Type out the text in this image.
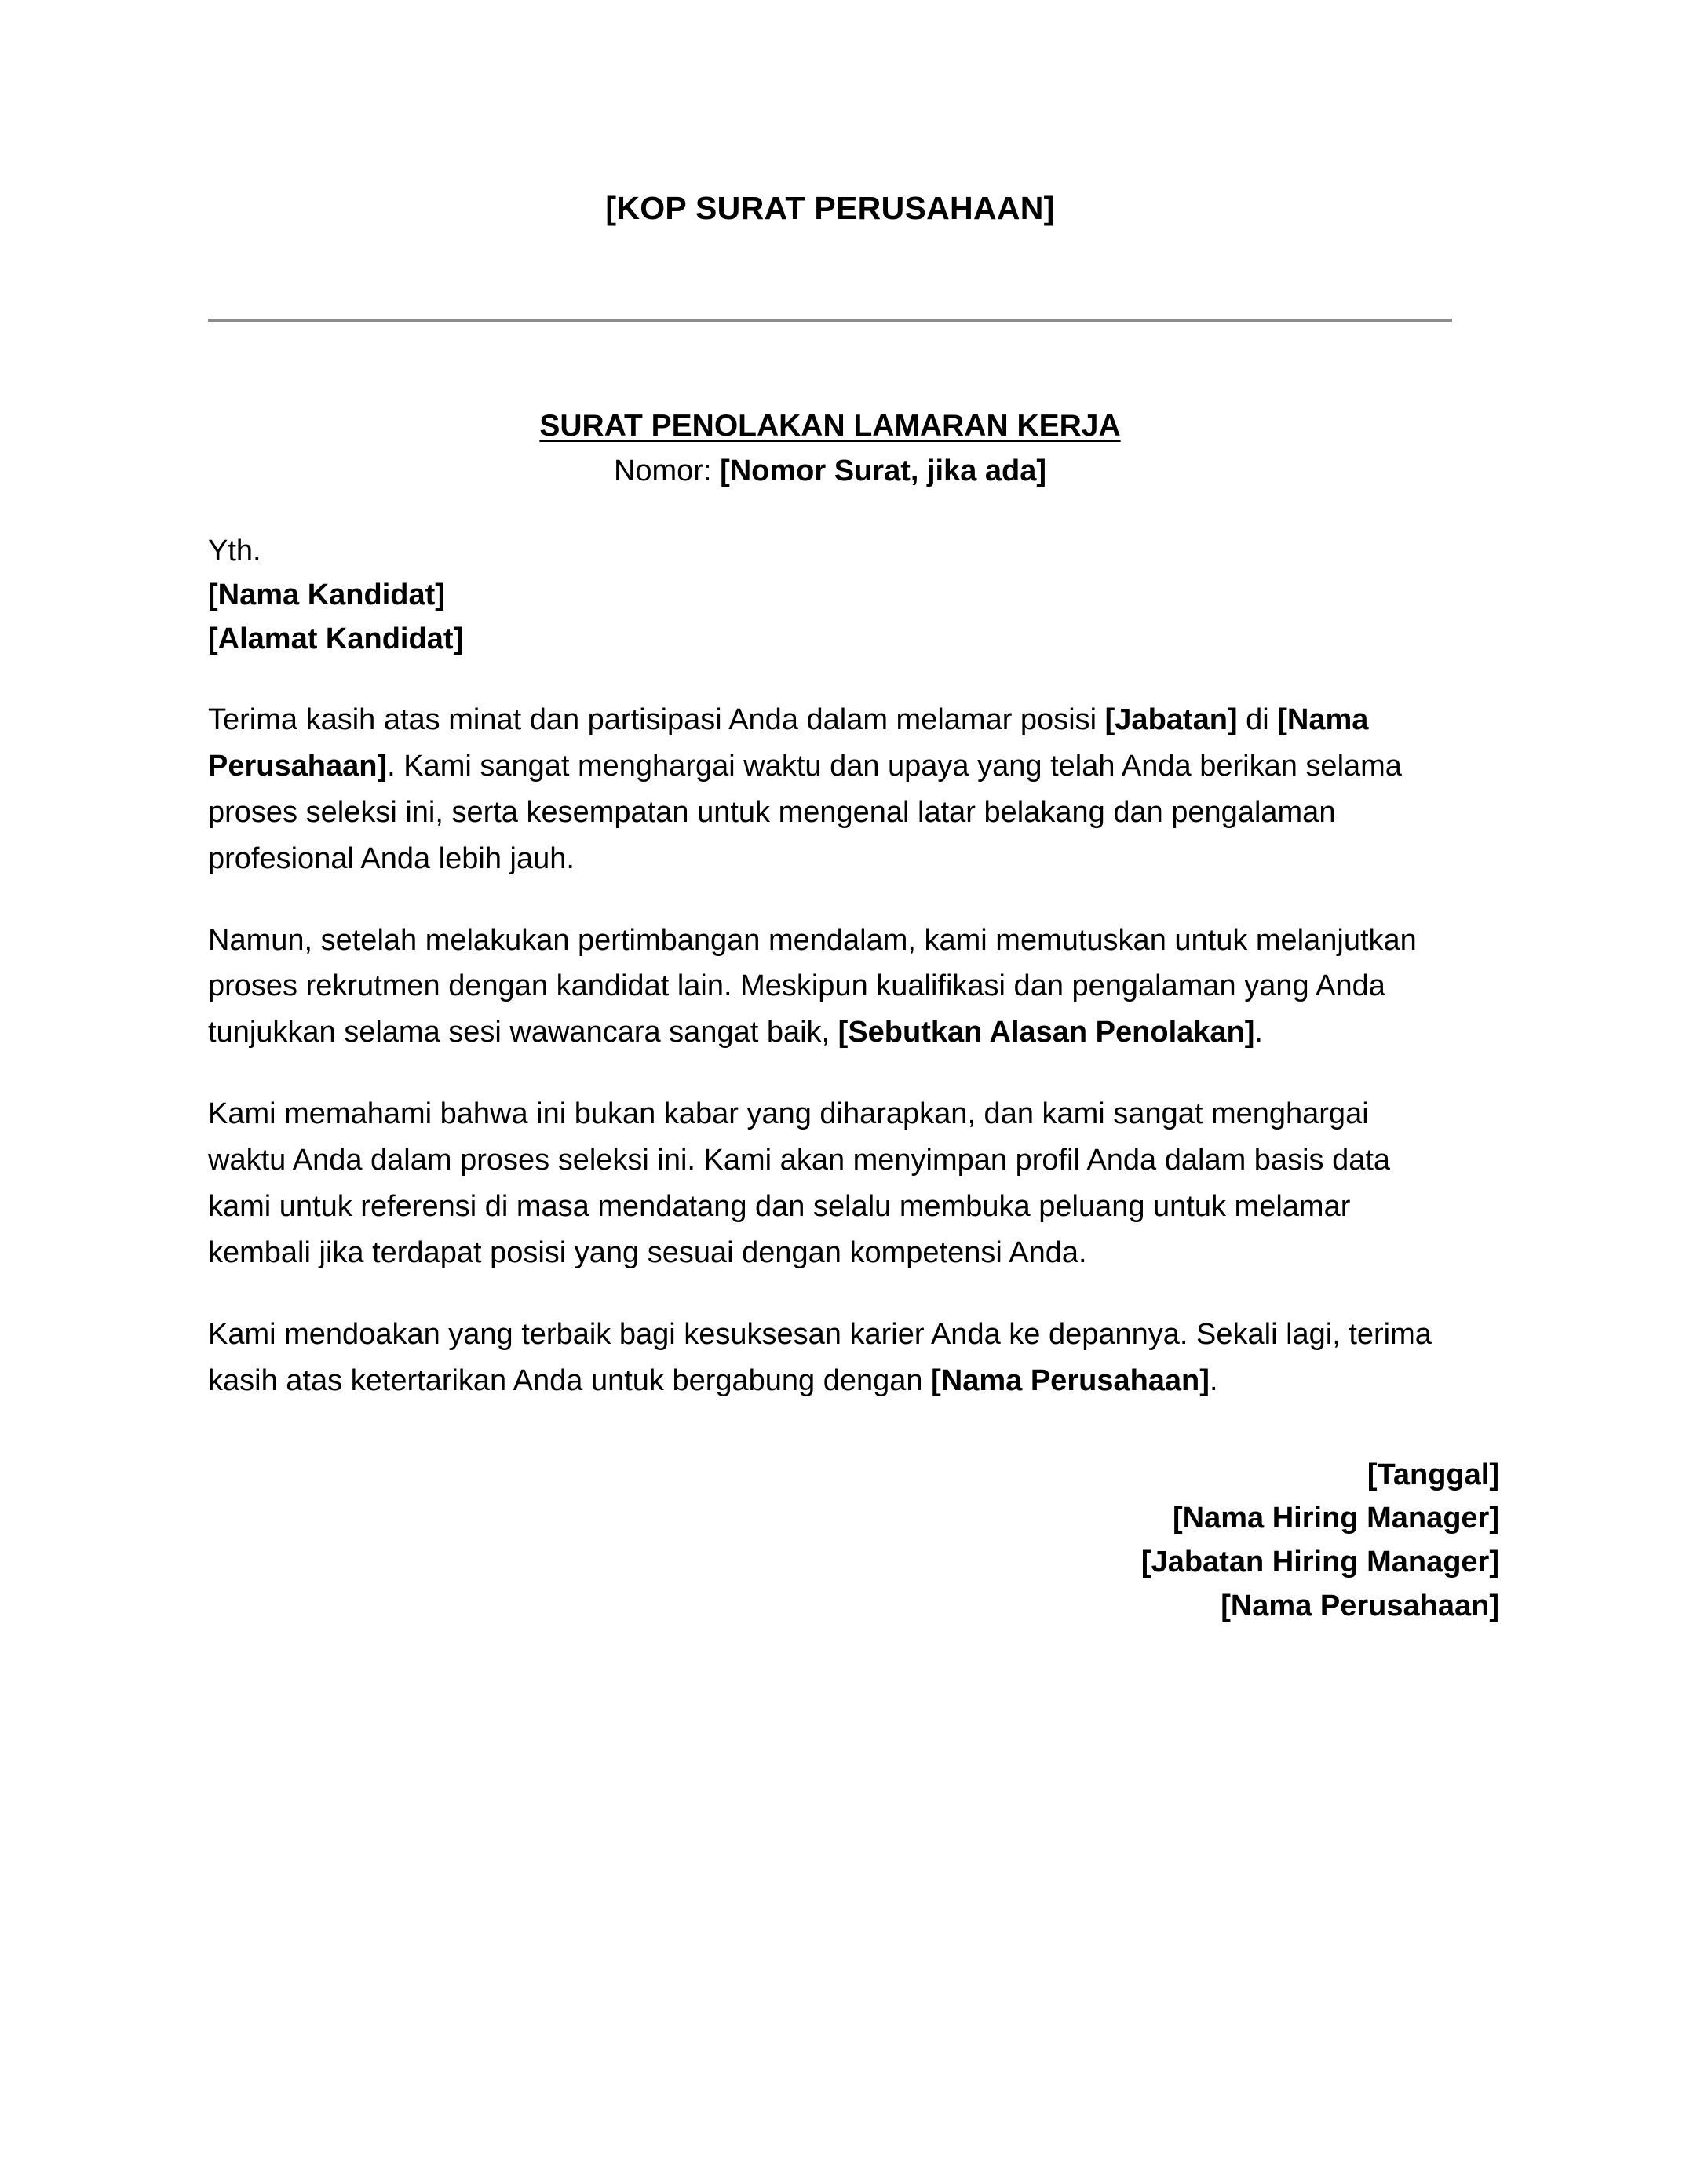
[KOP SURAT PERUSAHAAN]
SURAT PENOLAKAN LAMARAN KERJA
Nomor: [Nomor Surat, jika ada]
Yth.
[Nama Kandidat]
[Alamat Kandidat]

Terima kasih atas minat dan partisipasi Anda dalam melamar posisi [Jabatan] di [Nama Perusahaan]. Kami sangat menghargai waktu dan upaya yang telah Anda berikan selama proses seleksi ini, serta kesempatan untuk mengenal latar belakang dan pengalaman profesional Anda lebih jauh.

Namun, setelah melakukan pertimbangan mendalam, kami memutuskan untuk melanjutkan proses rekrutmen dengan kandidat lain. Meskipun kualifikasi dan pengalaman yang Anda tunjukkan selama sesi wawancara sangat baik, [Sebutkan Alasan Penolakan].

Kami memahami bahwa ini bukan kabar yang diharapkan, dan kami sangat menghargai waktu Anda dalam proses seleksi ini. Kami akan menyimpan profil Anda dalam basis data kami untuk referensi di masa mendatang dan selalu membuka peluang untuk melamar kembali jika terdapat posisi yang sesuai dengan kompetensi Anda.

Kami mendoakan yang terbaik bagi kesuksesan karier Anda ke depannya. Sekali lagi, terima kasih atas ketertarikan Anda untuk bergabung dengan [Nama Perusahaan].

[Tanggal]
[Nama Hiring Manager]
[Jabatan Hiring Manager]
[Nama Perusahaan]
